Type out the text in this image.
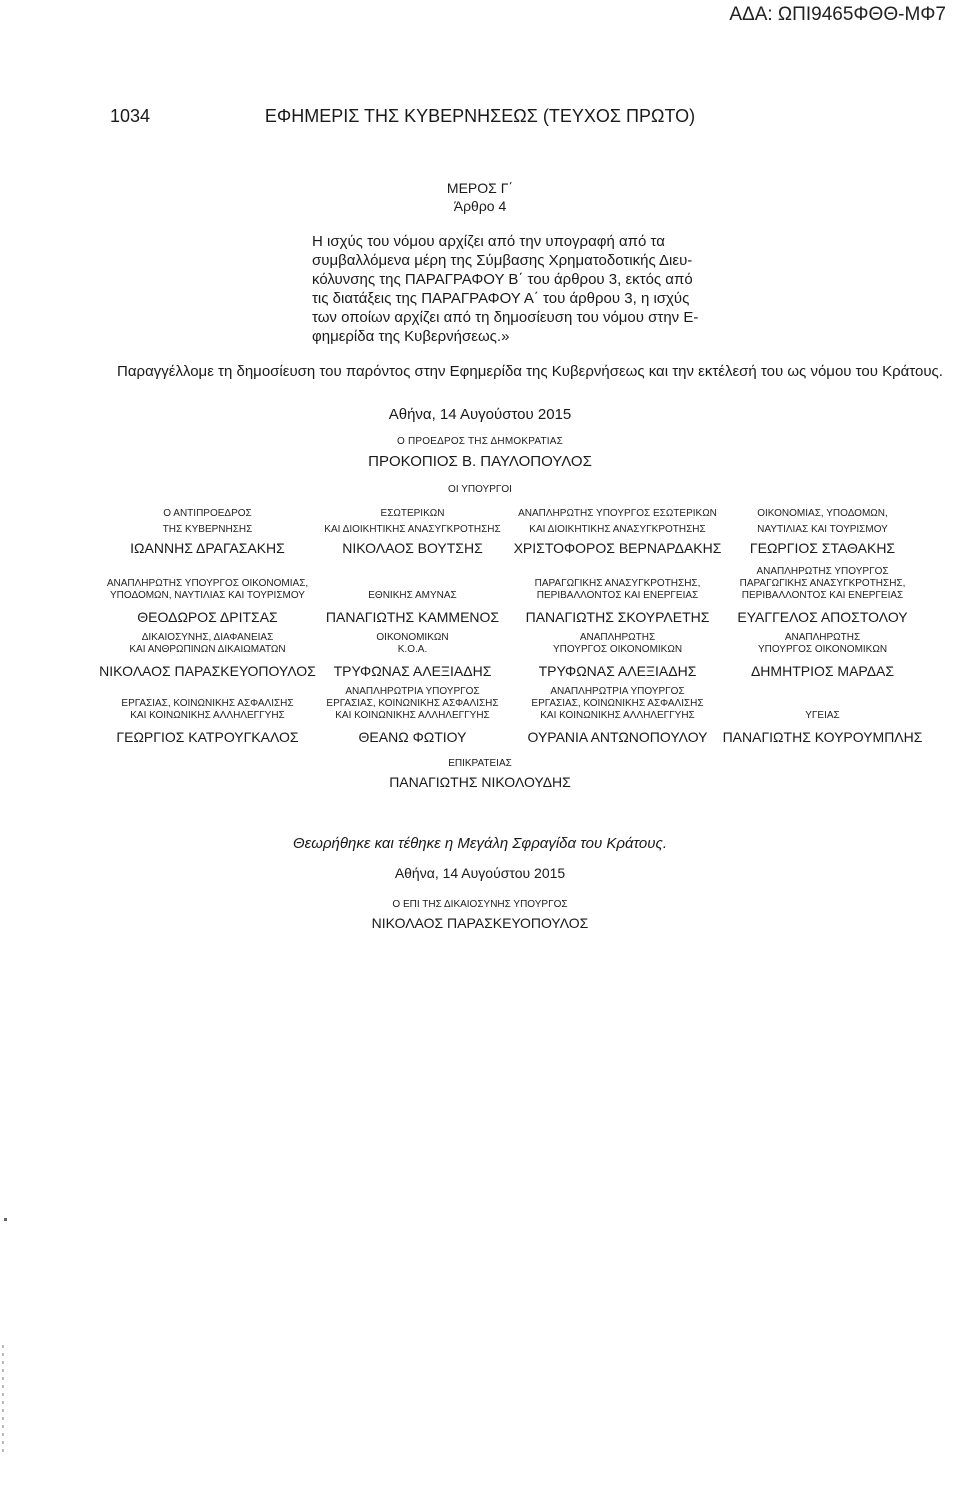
ΑΔΑ: ΩΠΙ9465ΦΘΘ-ΜΦ7
1034	ΕΦΗΜΕΡΙΣ ΤΗΣ ΚΥΒΕΡΝΗΣΕΩΣ (ΤΕΥΧΟΣ ΠΡΩΤΟ)
ΜΕΡΟΣ Γ΄
Άρθρο 4
Η ισχύς του νόμου αρχίζει από την υπογραφή από τα
συμβαλλόμενα μέρη της Σύμβασης Χρηματοδοτικής Διευ-
κόλυνσης της ΠΑΡΑΓΡΑΦΟΥ Β΄ του άρθρου 3, εκτός από
τις διατάξεις της ΠΑΡΑΓΡΑΦΟΥ Α΄ του άρθρου 3, η ισχύς
των οποίων αρχίζει από τη δημοσίευση του νόμου στην Ε-
φημερίδα της Κυβερνήσεως.»
Παραγγέλλομε τη δημοσίευση του παρόντος στην Εφημερίδα της Κυβερνήσεως και την εκτέλεσή του ως νόμου του Κράτους.
Αθήνα, 14 Αυγούστου 2015
Ο ΠΡΟΕΔΡΟΣ ΤΗΣ ΔΗΜΟΚΡΑΤΙΑΣ
ΠΡΟΚΟΠΙΟΣ Β. ΠΑΥΛΟΠΟΥΛΟΣ
ΟΙ ΥΠΟΥΡΓΟΙ
Ο ΑΝΤΙΠΡΟΕΔΡΟΣ
ΤΗΣ ΚΥΒΕΡΝΗΣΗΣ
ΙΩΑΝΝΗΣ ΔΡΑΓΑΣΑΚΗΣ
ΕΣΩΤΕΡΙΚΩΝ
ΚΑΙ ΔΙΟΙΚΗΤΙΚΗΣ ΑΝΑΣΥΓΚΡΟΤΗΣΗΣ
ΝΙΚΟΛΑΟΣ ΒΟΥΤΣΗΣ
ΑΝΑΠΛΗΡΩΤΗΣ ΥΠΟΥΡΓΟΣ ΕΣΩΤΕΡΙΚΩΝ
ΚΑΙ ΔΙΟΙΚΗΤΙΚΗΣ ΑΝΑΣΥΓΚΡΟΤΗΣΗΣ
ΧΡΙΣΤΟΦΟΡΟΣ ΒΕΡΝΑΡΔΑΚΗΣ
ΟΙΚΟΝΟΜΙΑΣ, ΥΠΟΔΟΜΩΝ,
ΝΑΥΤΙΛΙΑΣ ΚΑΙ ΤΟΥΡΙΣΜΟΥ
ΓΕΩΡΓΙΟΣ ΣΤΑΘΑΚΗΣ
ΑΝΑΠΛΗΡΩΤΗΣ ΥΠΟΥΡΓΟΣ ΟΙΚΟΝΟΜΙΑΣ,
ΥΠΟΔΟΜΩΝ, ΝΑΥΤΙΛΙΑΣ ΚΑΙ ΤΟΥΡΙΣΜΟΥ
ΘΕΟΔΩΡΟΣ ΔΡΙΤΣΑΣ
ΕΘΝΙΚΗΣ ΑΜΥΝΑΣ
ΠΑΝΑΓΙΩΤΗΣ ΚΑΜΜΕΝΟΣ
ΠΑΡΑΓΩΓΙΚΗΣ ΑΝΑΣΥΓΚΡΟΤΗΣΗΣ,
ΠΕΡΙΒΑΛΛΟΝΤΟΣ ΚΑΙ ΕΝΕΡΓΕΙΑΣ
ΠΑΝΑΓΙΩΤΗΣ ΣΚΟΥΡΛΕΤΗΣ
ΑΝΑΠΛΗΡΩΤΗΣ ΥΠΟΥΡΓΟΣ
ΠΑΡΑΓΩΓΙΚΗΣ ΑΝΑΣΥΓΚΡΟΤΗΣΗΣ,
ΠΕΡΙΒΑΛΛΟΝΤΟΣ ΚΑΙ ΕΝΕΡΓΕΙΑΣ
ΕΥΑΓΓΕΛΟΣ ΑΠΟΣΤΟΛΟΥ
ΔΙΚΑΙΟΣΥΝΗΣ, ΔΙΑΦΑΝΕΙΑΣ
ΚΑΙ ΑΝΘΡΩΠΙΝΩΝ ΔΙΚΑΙΩΜΑΤΩΝ
ΝΙΚΟΛΑΟΣ ΠΑΡΑΣΚΕΥΟΠΟΥΛΟΣ
ΟΙΚΟΝΟΜΙΚΩΝ
Κ.Ο.Α.
ΤΡΥΦΩΝΑΣ ΑΛΕΞΙΑΔΗΣ
ΑΝΑΠΛΗΡΩΤΗΣ
ΥΠΟΥΡΓΟΣ ΟΙΚΟΝΟΜΙΚΩΝ
ΤΡΥΦΩΝΑΣ ΑΛΕΞΙΑΔΗΣ
ΑΝΑΠΛΗΡΩΤΗΣ
ΥΠΟΥΡΓΟΣ ΟΙΚΟΝΟΜΙΚΩΝ
ΔΗΜΗΤΡΙΟΣ ΜΑΡΔΑΣ
ΕΡΓΑΣΙΑΣ, ΚΟΙΝΩΝΙΚΗΣ ΑΣΦΑΛΙΣΗΣ
ΚΑΙ ΚΟΙΝΩΝΙΚΗΣ ΑΛΛΗΛΕΓΓΥΗΣ
ΓΕΩΡΓΙΟΣ ΚΑΤΡΟΥΓΚΑΛΟΣ
ΑΝΑΠΛΗΡΩΤΡΙΑ ΥΠΟΥΡΓΟΣ
ΕΡΓΑΣΙΑΣ, ΚΟΙΝΩΝΙΚΗΣ ΑΣΦΑΛΙΣΗΣ
ΚΑΙ ΚΟΙΝΩΝΙΚΗΣ ΑΛΛΗΛΕΓΓΥΗΣ
ΘΕΑΝΩ ΦΩΤΙΟΥ
ΑΝΑΠΛΗΡΩΤΡΙΑ ΥΠΟΥΡΓΟΣ
ΕΡΓΑΣΙΑΣ, ΚΟΙΝΩΝΙΚΗΣ ΑΣΦΑΛΙΣΗΣ
ΚΑΙ ΚΟΙΝΩΝΙΚΗΣ ΑΛΛΗΛΕΓΓΥΗΣ
ΟΥΡΑΝΙΑ ΑΝΤΩΝΟΠΟΥΛΟΥ
ΥΓΕΙΑΣ
ΠΑΝΑΓΙΩΤΗΣ ΚΟΥΡΟΥΜΠΛΗΣ
ΕΠΙΚΡΑΤΕΙΑΣ
ΠΑΝΑΓΙΩΤΗΣ ΝΙΚΟΛΟΥΔΗΣ
Θεωρήθηκε και τέθηκε η Μεγάλη Σφραγίδα του Κράτους.
Αθήνα, 14 Αυγούστου 2015
Ο ΕΠΙ ΤΗΣ ΔΙΚΑΙΟΣΥΝΗΣ ΥΠΟΥΡΓΟΣ
ΝΙΚΟΛΑΟΣ ΠΑΡΑΣΚΕΥΟΠΟΥΛΟΣ
